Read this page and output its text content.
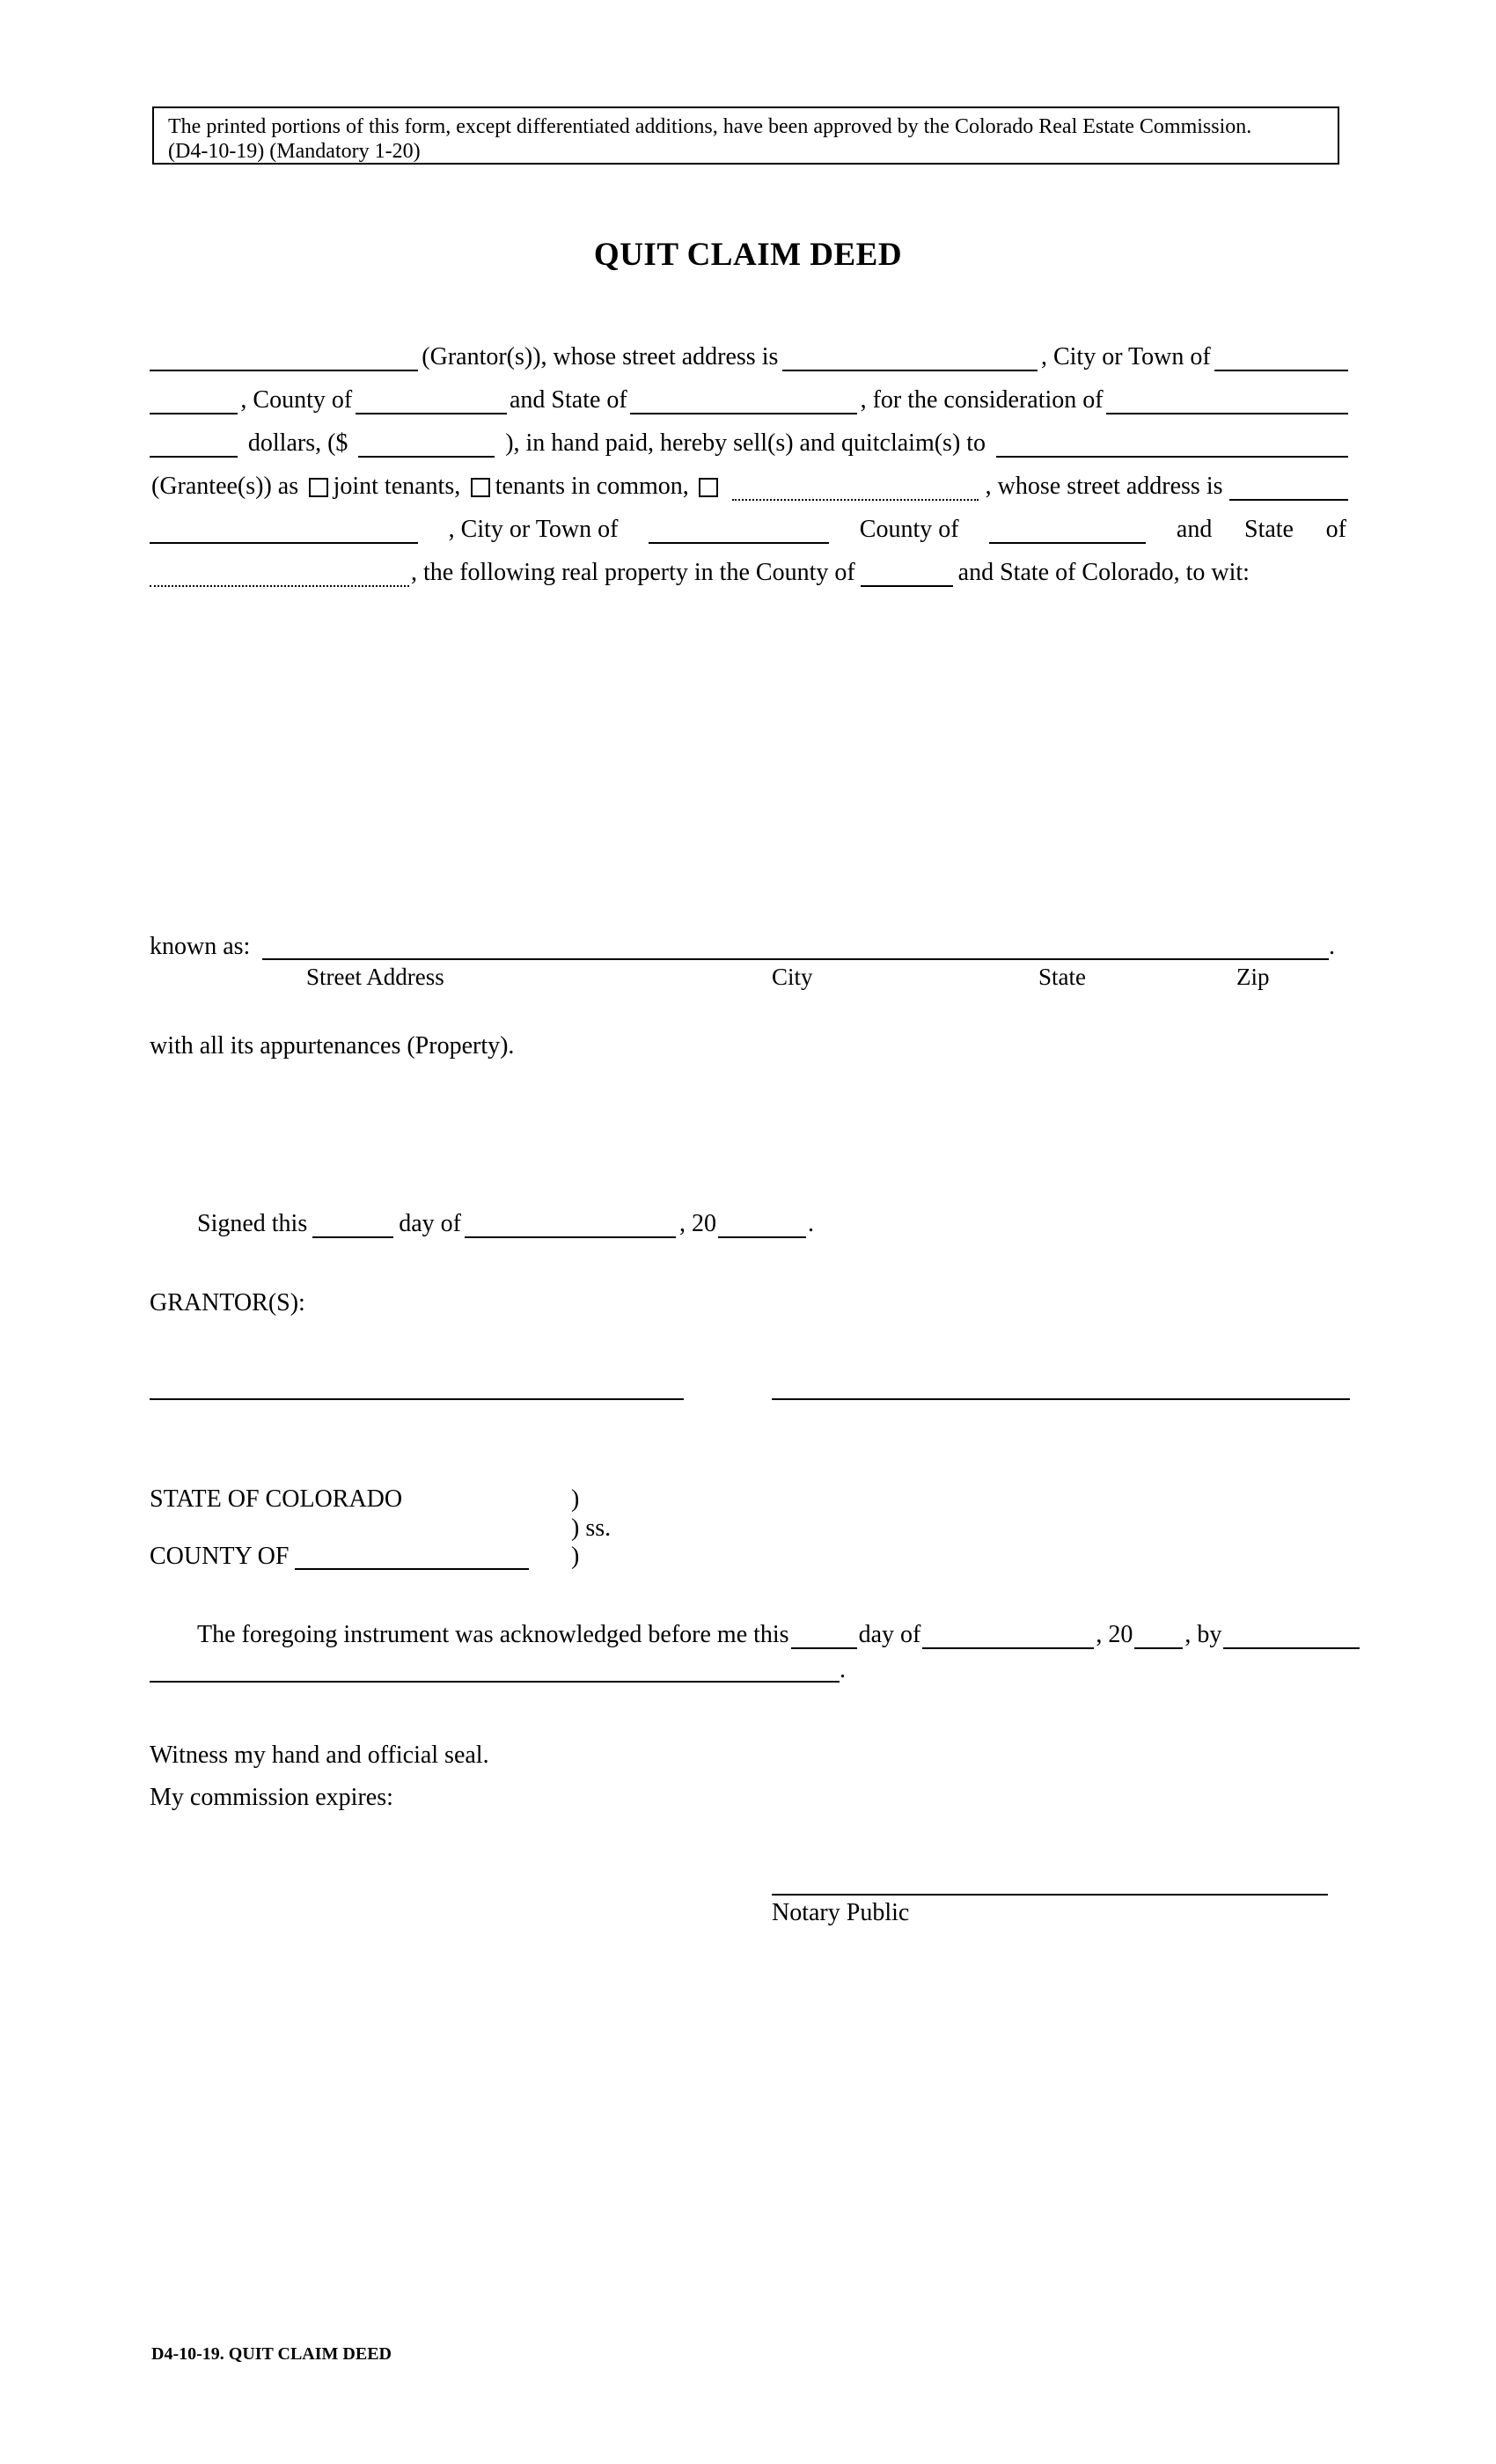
The printed portions of this form, except differentiated additions, have been approved by the Colorado Real Estate Commission.
(D4-10-19) (Mandatory 1-20)
QUIT CLAIM DEED
(Grantor(s)), whose street address is	, City or Town of
, County of	and State of	, for the consideration of
dollars, ($	), in hand paid, hereby sell(s) and quitclaim(s) to
(Grantee(s)) as joint tenants, tenants in common,	, whose street address is
, City or Town of	County of	and State of
, the following real property in the County of	and State of Colorado, to wit:
known as:	.
Street Address	City	State	Zip
with all its appurtenances (Property).
Signed this	day of	, 20	.
GRANTOR(S):
STATE OF COLORADO	)
) ss.
COUNTY OF	)
The foregoing instrument was acknowledged before me this	day of	, 20 , by
.
Witness my hand and official seal.
My commission expires:
Notary Public
D4-10-19. QUIT CLAIM DEED
